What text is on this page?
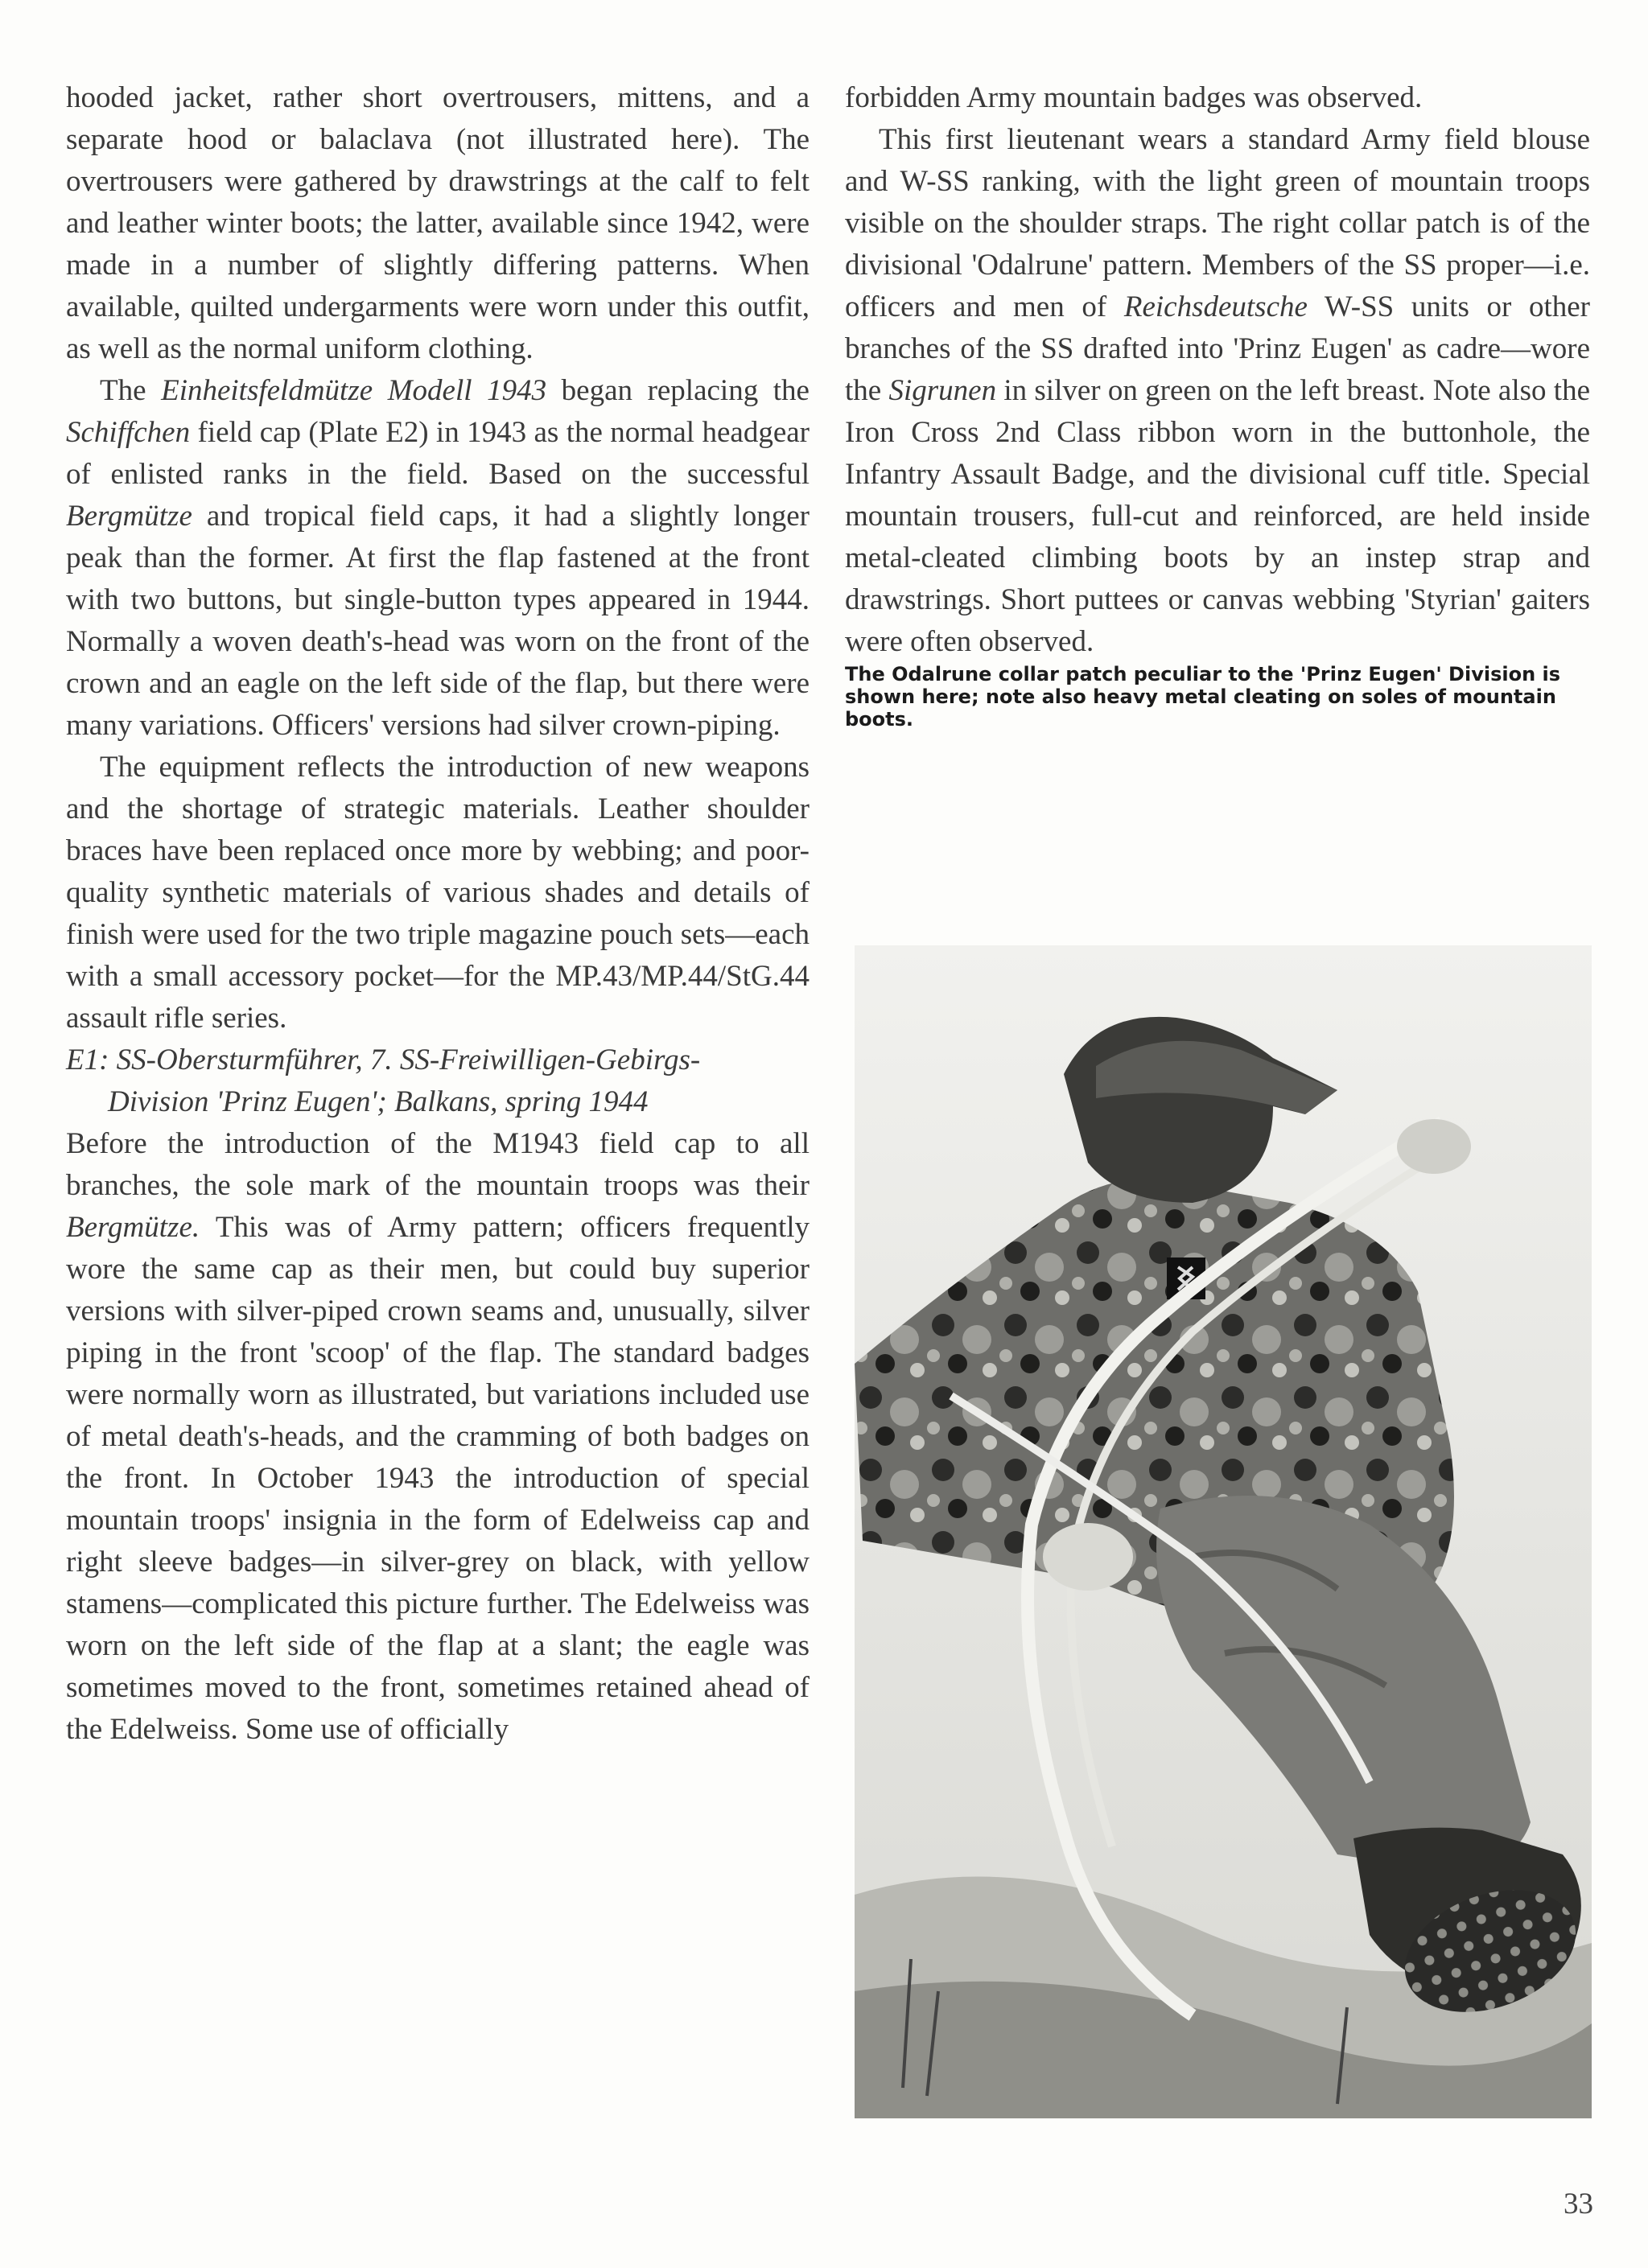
hooded jacket, rather short overtrousers, mittens, and a separate hood or balaclava (not illustrated here). The overtrousers were gathered by drawstrings at the calf to felt and leather winter boots; the latter, available since 1942, were made in a number of slightly differing patterns. When available, quilted undergarments were worn under this outfit, as well as the normal uniform clothing.

The Einheitsfeldmütze Modell 1943 began replacing the Schiffchen field cap (Plate E2) in 1943 as the normal headgear of enlisted ranks in the field. Based on the successful Bergmütze and tropical field caps, it had a slightly longer peak than the former. At first the flap fastened at the front with two buttons, but single-button types appeared in 1944. Normally a woven death's-head was worn on the front of the crown and an eagle on the left side of the flap, but there were many variations. Officers' versions had silver crown-piping.

The equipment reflects the introduction of new weapons and the shortage of strategic materials. Leather shoulder braces have been replaced once more by webbing; and poor-quality synthetic materials of various shades and details of finish were used for the two triple magazine pouch sets—each with a small accessory pocket—for the MP.43/MP.44/StG.44 assault rifle series.

E1: SS-Obersturmführer, 7. SS-Freiwilligen-Gebirgs-
Division 'Prinz Eugen'; Balkans, spring 1944

Before the introduction of the M1943 field cap to all branches, the sole mark of the mountain troops was their Bergmütze. This was of Army pattern; officers frequently wore the same cap as their men, but could buy superior versions with silver-piped crown seams and, unusually, silver piping in the front 'scoop' of the flap. The standard badges were normally worn as illustrated, but variations included use of metal death's-heads, and the cramming of both badges on the front. In October 1943 the introduction of special mountain troops' insignia in the form of Edelweiss cap and right sleeve badges—in silver-grey on black, with yellow stamens—complicated this picture further. The Edelweiss was worn on the left side of the flap at a slant; the eagle was sometimes moved to the front, sometimes retained ahead of the Edelweiss. Some use of officially

forbidden Army mountain badges was observed.

This first lieutenant wears a standard Army field blouse and W-SS ranking, with the light green of mountain troops visible on the shoulder straps. The right collar patch is of the divisional 'Odalrune' pattern. Members of the SS proper—i.e. officers and men of Reichsdeutsche W-SS units or other branches of the SS drafted into 'Prinz Eugen' as cadre—wore the Sigrunen in silver on green on the left breast. Note also the Iron Cross 2nd Class ribbon worn in the buttonhole, the Infantry Assault Badge, and the divisional cuff title. Special mountain trousers, full-cut and reinforced, are held inside metal-cleated climbing boots by an instep strap and drawstrings. Short puttees or canvas webbing 'Styrian' gaiters were often observed.

The Odalrune collar patch peculiar to the 'Prinz Eugen' Division is shown here; note also heavy metal cleating on soles of mountain boots.

33
